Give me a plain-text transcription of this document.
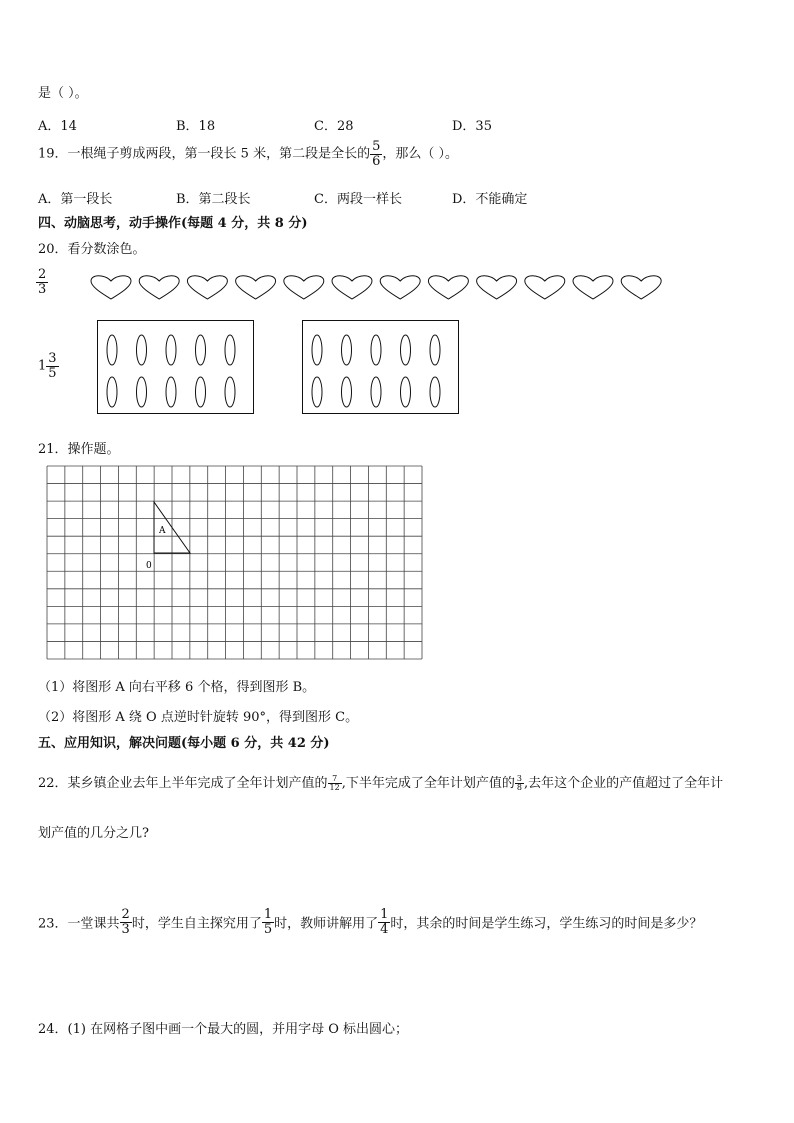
是（ ）。
A．14	B．18	C．28	D．35
19．一根绳子剪成两段，第一段长 5 米，第二段是全长的 $\frac{5}{6}$ ，那么（ ）。
A．第一段长	B．第二段长	C．两段一样长	D．不能确定
四、动脑思考，动手操作(每题 4 分，共 8 分)
20．看分数涂色。
$\frac{2}{3}$
$1 \frac{3}{5}$
21．操作题。
A
0
（1）将图形 A 向右平移 6 个格，得到图形 B。
（2）将图形 A 绕 O 点逆时针旋转 90°，得到图形 C。
五、应用知识，解决问题(每小题 6 分，共 42 分)
22．某乡镇企业去年上半年完成了全年计划产值的 $\frac{7}{12}$ ,下半年完成了全年计划产值的 $\frac{3}{8}$ ,去年这个企业的产值超过了全年计
划产值的几分之几?
23．一堂课共 $\frac{2}{3}$ 时，学生自主探究用了 $\frac{1}{5}$ 时，教师讲解用了 $\frac{1}{4}$ 时，其余的时间是学生练习，学生练习的时间是多少？
24．(1) 在网格子图中画一个最大的圆，并用字母 O 标出圆心；
